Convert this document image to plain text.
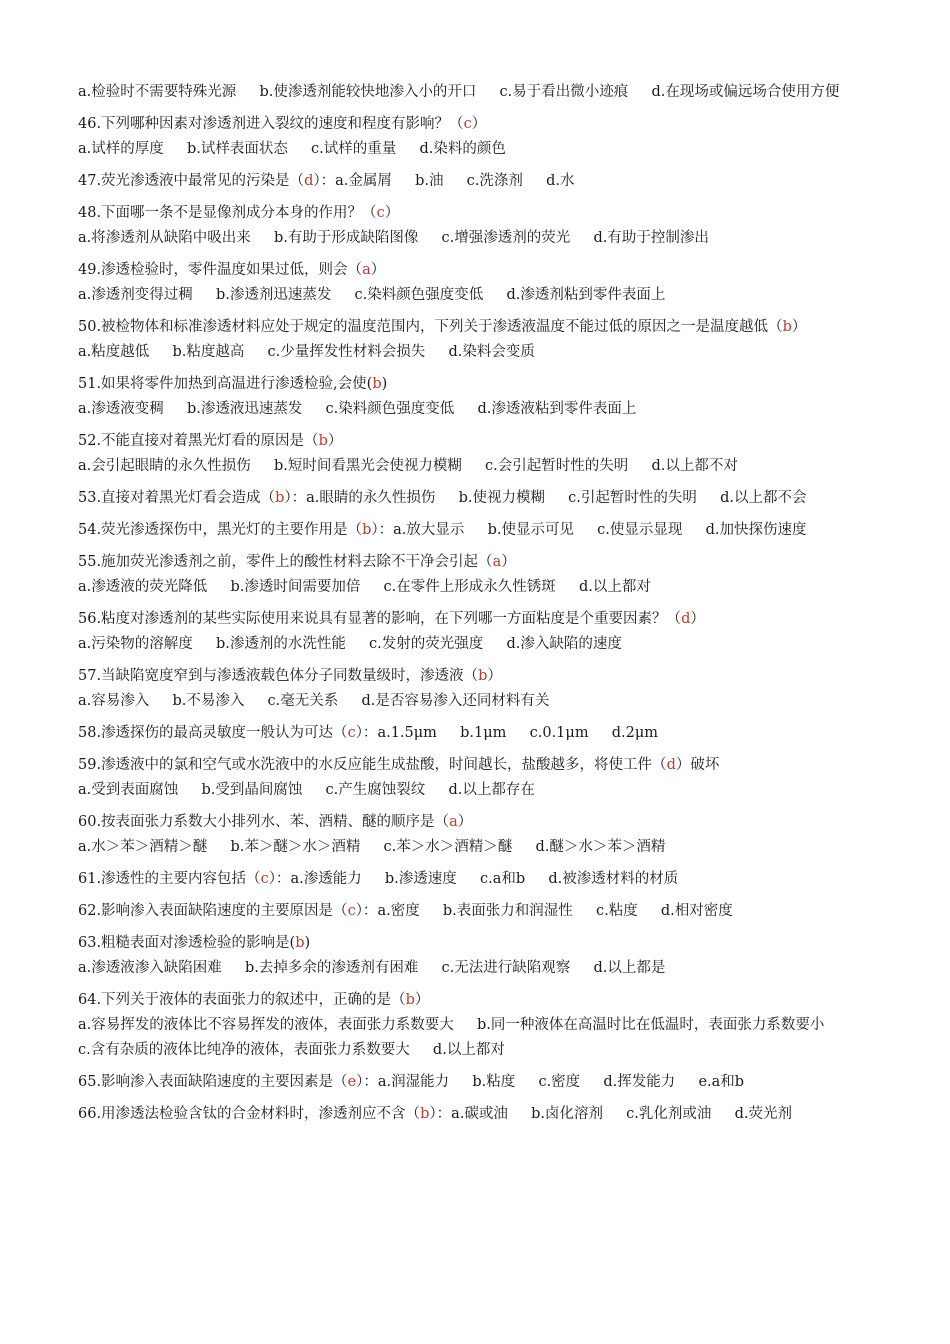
a.检验时不需要特殊光源 b.使渗透剂能较快地渗入小的开口 c.易于看出微小迹痕 d.在现场或偏远场合使用方便
46.下列哪种因素对渗透剂进入裂纹的速度和程度有影响？（c）
a.试样的厚度 b.试样表面状态 c.试样的重量 d.染料的颜色
47.荧光渗透液中最常见的污染是（d）：a.金属屑 b.油 c.洗涤剂 d.水
48.下面哪一条不是显像剂成分本身的作用？（c）
a.将渗透剂从缺陷中吸出来 b.有助于形成缺陷图像 c.增强渗透剂的荧光 d.有助于控制渗出
49.渗透检验时，零件温度如果过低，则会（a）
a.渗透剂变得过稠 b.渗透剂迅速蒸发 c.染料颜色强度变低 d.渗透剂粘到零件表面上
50.被检物体和标准渗透材料应处于规定的温度范围内，下列关于渗透液温度不能过低的原因之一是温度越低（b）
a.粘度越低 b.粘度越高 c.少量挥发性材料会损失 d.染料会变质
51.如果将零件加热到高温进行渗透检验,会使(b)
a.渗透液变稠 b.渗透液迅速蒸发 c.染料颜色强度变低 d.渗透液粘到零件表面上
52.不能直接对着黑光灯看的原因是（b）
a.会引起眼睛的永久性损伤 b.短时间看黑光会使视力模糊 c.会引起暂时性的失明 d.以上都不对
53.直接对着黑光灯看会造成（b）：a.眼睛的永久性损伤 b.使视力模糊 c.引起暂时性的失明 d.以上都不会
54.荧光渗透探伤中，黑光灯的主要作用是（b）：a.放大显示 b.使显示可见 c.使显示显现 d.加快探伤速度
55.施加荧光渗透剂之前，零件上的酸性材料去除不干净会引起（a）
a.渗透液的荧光降低 b.渗透时间需要加倍 c.在零件上形成永久性锈斑 d.以上都对
56.粘度对渗透剂的某些实际使用来说具有显著的影响，在下列哪一方面粘度是个重要因素？（d）
a.污染物的溶解度 b.渗透剂的水洗性能 c.发射的荧光强度 d.渗入缺陷的速度
57.当缺陷宽度窄到与渗透液载色体分子同数量级时，渗透液（b）
a.容易渗入 b.不易渗入 c.毫无关系 d.是否容易渗入还同材料有关
58.渗透探伤的最高灵敏度一般认为可达（c）：a.1.5μm b.1μm c.0.1μm d.2μm
59.渗透液中的氯和空气或水洗液中的水反应能生成盐酸，时间越长，盐酸越多，将使工件（d）破坏
a.受到表面腐蚀 b.受到晶间腐蚀 c.产生腐蚀裂纹 d.以上都存在
60.按表面张力系数大小排列水、苯、酒精、醚的顺序是（a）
a.水＞苯＞酒精＞醚 b.苯＞醚＞水＞酒精 c.苯＞水＞酒精＞醚 d.醚＞水＞苯＞酒精
61.渗透性的主要内容包括（c）：a.渗透能力 b.渗透速度 c.a和b d.被渗透材料的材质
62.影响渗入表面缺陷速度的主要原因是（c）：a.密度 b.表面张力和润湿性 c.粘度 d.相对密度
63.粗糙表面对渗透检验的影响是(b)
a.渗透液渗入缺陷困难 b.去掉多余的渗透剂有困难 c.无法进行缺陷观察 d.以上都是
64.下列关于液体的表面张力的叙述中，正确的是（b）
a.容易挥发的液体比不容易挥发的液体，表面张力系数要大 b.同一种液体在高温时比在低温时，表面张力系数要小
c.含有杂质的液体比纯净的液体，表面张力系数要大 d.以上都对
65.影响渗入表面缺陷速度的主要因素是（e）：a.润湿能力 b.粘度 c.密度 d.挥发能力 e.a和b
66.用渗透法检验含钛的合金材料时，渗透剂应不含（b）：a.碳或油 b.卤化溶剂 c.乳化剂或油 d.荧光剂
